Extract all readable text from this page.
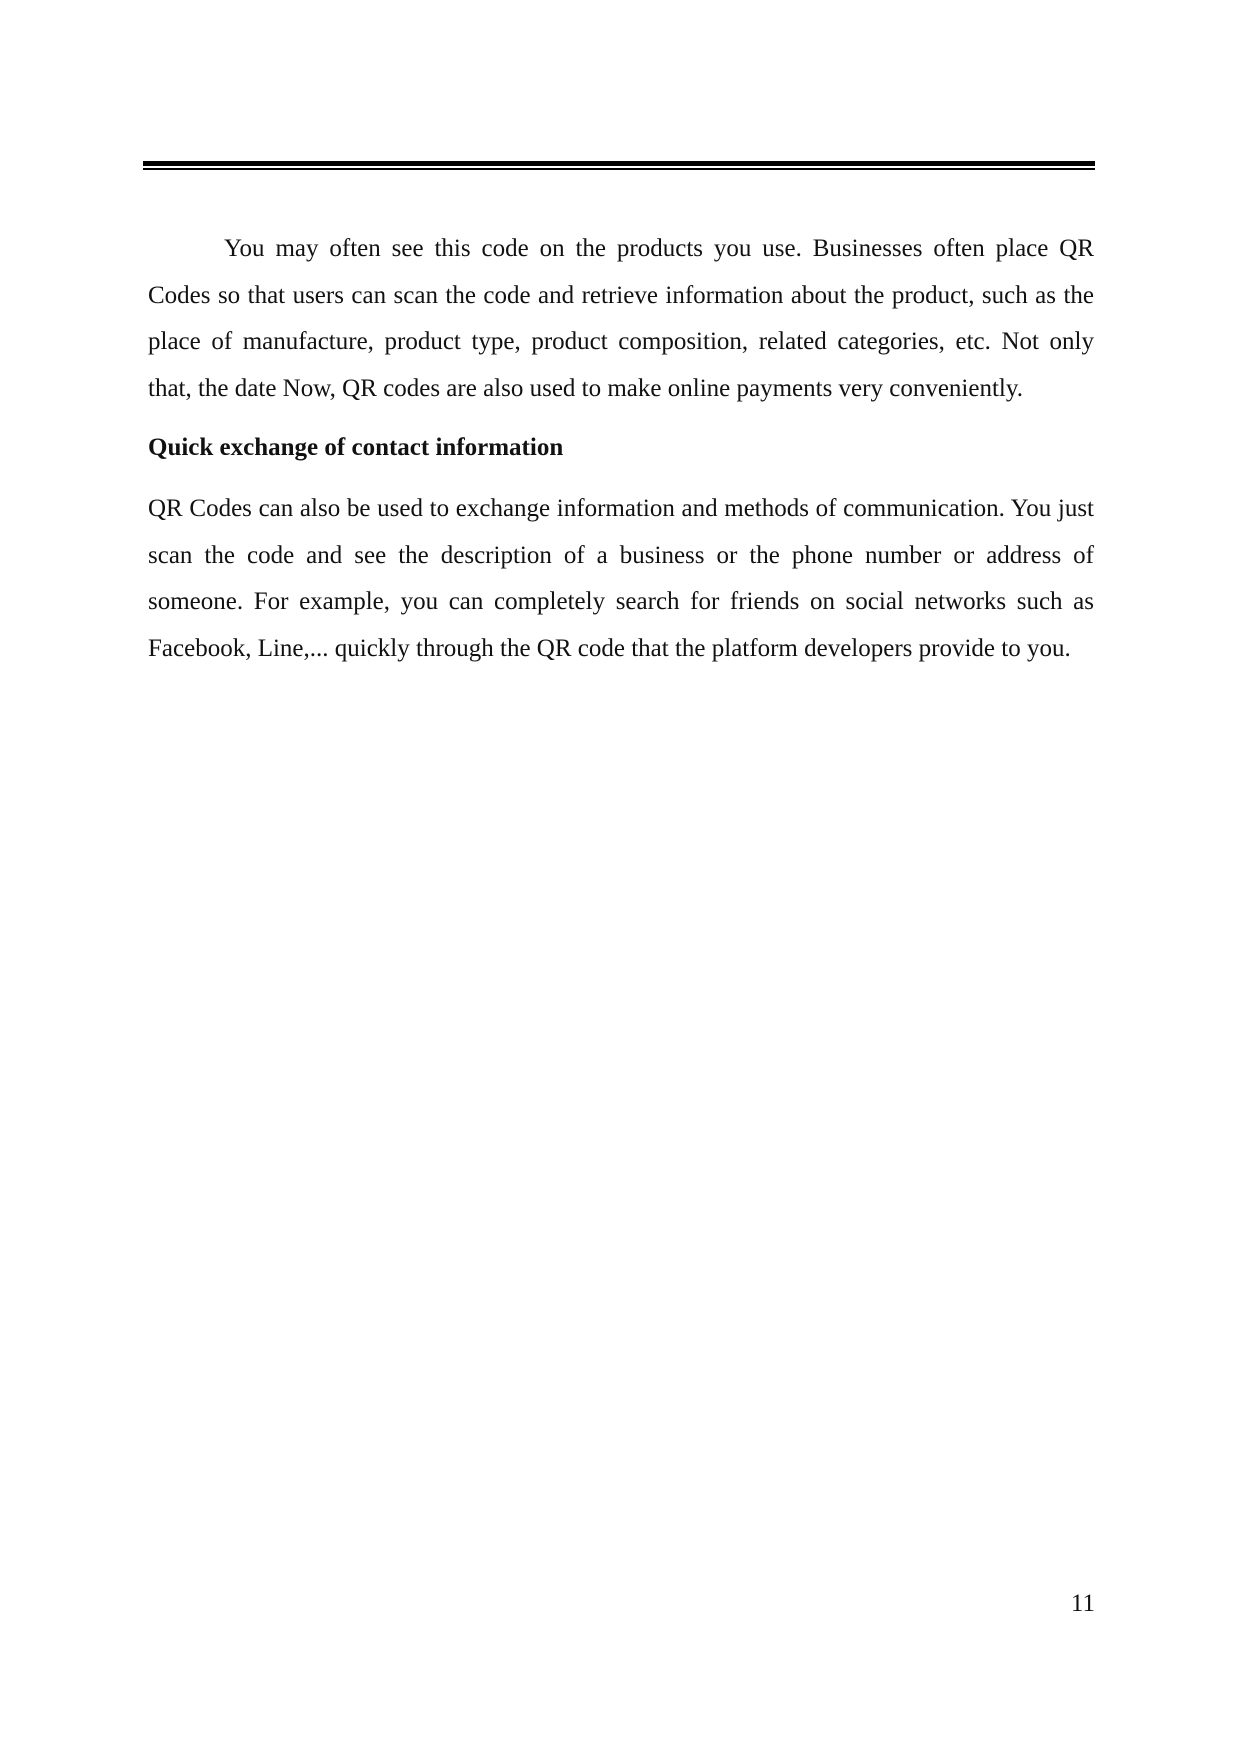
You may often see this code on the products you use. Businesses often place QR Codes so that users can scan the code and retrieve information about the product, such as the place of manufacture, product type, product composition, related categories, etc. Not only that, the date Now, QR codes are also used to make online payments very conveniently.

Quick exchange of contact information

QR Codes can also be used to exchange information and methods of communication. You just scan the code and see the description of a business or the phone number or address of someone. For example, you can completely search for friends on social networks such as Facebook, Line,... quickly through the QR code that the platform developers provide to you.

11
